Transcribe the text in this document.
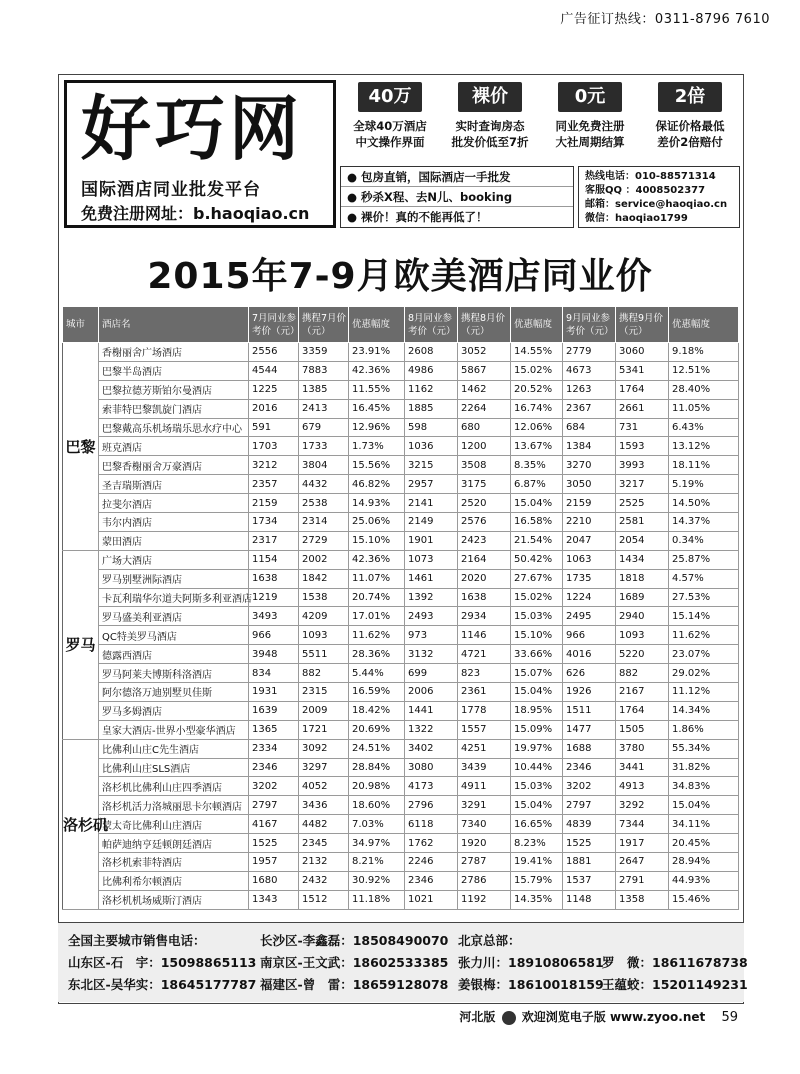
广告征订热线：0311-8796 7610
好巧网
国际酒店同业批发平台
免费注册网址：b.haoqiao.cn
40万
全球40万酒店
中文操作界面
裸价
实时查询房态
批发价低至7折
0元
同业免费注册
大社周期结算
2倍
保证价格最低
差价2倍赔付
● 包房直销，国际酒店一手批发
● 秒杀X程、去N儿、booking
● 裸价！真的不能再低了！
热线电话：010-88571314
客服QQ ：4008502377
邮箱：service@haoqiao.cn
微信：haoqiao1799
2015年7-9月欧美酒店同业价
城市	酒店名	7月同业参考价（元）	携程7月价（元）	优惠幅度	8月同业参考价（元）	携程8月价（元）	优惠幅度	9月同业参考价（元）	携程9月价（元）	优惠幅度
巴黎	香榭丽舍广场酒店	2556	3359	23.91%	2608	3052	14.55%	2779	3060	9.18%
	巴黎半岛酒店	4544	7883	42.36%	4986	5867	15.02%	4673	5341	12.51%
	巴黎拉德芳斯铂尔曼酒店	1225	1385	11.55%	1162	1462	20.52%	1263	1764	28.40%
	索菲特巴黎凯旋门酒店	2016	2413	16.45%	1885	2264	16.74%	2367	2661	11.05%
	巴黎戴高乐机场瑞乐思水疗中心	591	679	12.96%	598	680	12.06%	684	731	6.43%
	班克酒店	1703	1733	1.73%	1036	1200	13.67%	1384	1593	13.12%
	巴黎香榭丽舍万豪酒店	3212	3804	15.56%	3215	3508	8.35%	3270	3993	18.11%
	圣吉瑞斯酒店	2357	4432	46.82%	2957	3175	6.87%	3050	3217	5.19%
	拉斐尔酒店	2159	2538	14.93%	2141	2520	15.04%	2159	2525	14.50%
	韦尔内酒店	1734	2314	25.06%	2149	2576	16.58%	2210	2581	14.37%
	蒙田酒店	2317	2729	15.10%	1901	2423	21.54%	2047	2054	0.34%
罗马	广场大酒店	1154	2002	42.36%	1073	2164	50.42%	1063	1434	25.87%
	罗马别墅洲际酒店	1638	1842	11.07%	1461	2020	27.67%	1735	1818	4.57%
	卡瓦利瑞华尔道夫阿斯多利亚酒店	1219	1538	20.74%	1392	1638	15.02%	1224	1689	27.53%
	罗马盛美利亚酒店	3493	4209	17.01%	2493	2934	15.03%	2495	2940	15.14%
	QC特美罗马酒店	966	1093	11.62%	973	1146	15.10%	966	1093	11.62%
	德露西酒店	3948	5511	28.36%	3132	4721	33.66%	4016	5220	23.07%
	罗马阿莱夫博斯科洛酒店	834	882	5.44%	699	823	15.07%	626	882	29.02%
	阿尔德洛万迪别墅贝佳斯	1931	2315	16.59%	2006	2361	15.04%	1926	2167	11.12%
	罗马多姆酒店	1639	2009	18.42%	1441	1778	18.95%	1511	1764	14.34%
	皇家大酒店-世界小型豪华酒店	1365	1721	20.69%	1322	1557	15.09%	1477	1505	1.86%
洛杉矶	比佛利山庄C先生酒店	2334	3092	24.51%	3402	4251	19.97%	1688	3780	55.34%
	比佛利山庄SLS酒店	2346	3297	28.84%	3080	3439	10.44%	2346	3441	31.82%
	洛杉机比佛利山庄四季酒店	3202	4052	20.98%	4173	4911	15.03%	3202	4913	34.83%
	洛杉机活力洛城丽思卡尔顿酒店	2797	3436	18.60%	2796	3291	15.04%	2797	3292	15.04%
	蒙太奇比佛利山庄酒店	4167	4482	7.03%	6118	7340	16.65%	4839	7344	34.11%
	帕萨迪纳亨廷顿朗廷酒店	1525	2345	34.97%	1762	1920	8.23%	1525	1917	20.45%
	洛杉机索菲特酒店	1957	2132	8.21%	2246	2787	19.41%	1881	2647	28.94%
	比佛利希尔顿酒店	1680	2432	30.92%	2346	2786	15.79%	1537	2791	44.93%
	洛杉机机场威斯汀酒店	1343	1512	11.18%	1021	1192	14.35%	1148	1358	15.46%
全国主要城市销售电话：	长沙区-李鑫磊：18508490070 北京总部：
山东区-石　宇：15098865113 南京区-王文武：18602533385 张力川：18910806581
罗　微：18611678738
东北区-吴华实：18645177787 福建区-曾　雷：18659128078 姜银梅：18610018159
王蕴蛟：15201149231
河北版 欢迎浏览电子版 www.zyoo.net 59
